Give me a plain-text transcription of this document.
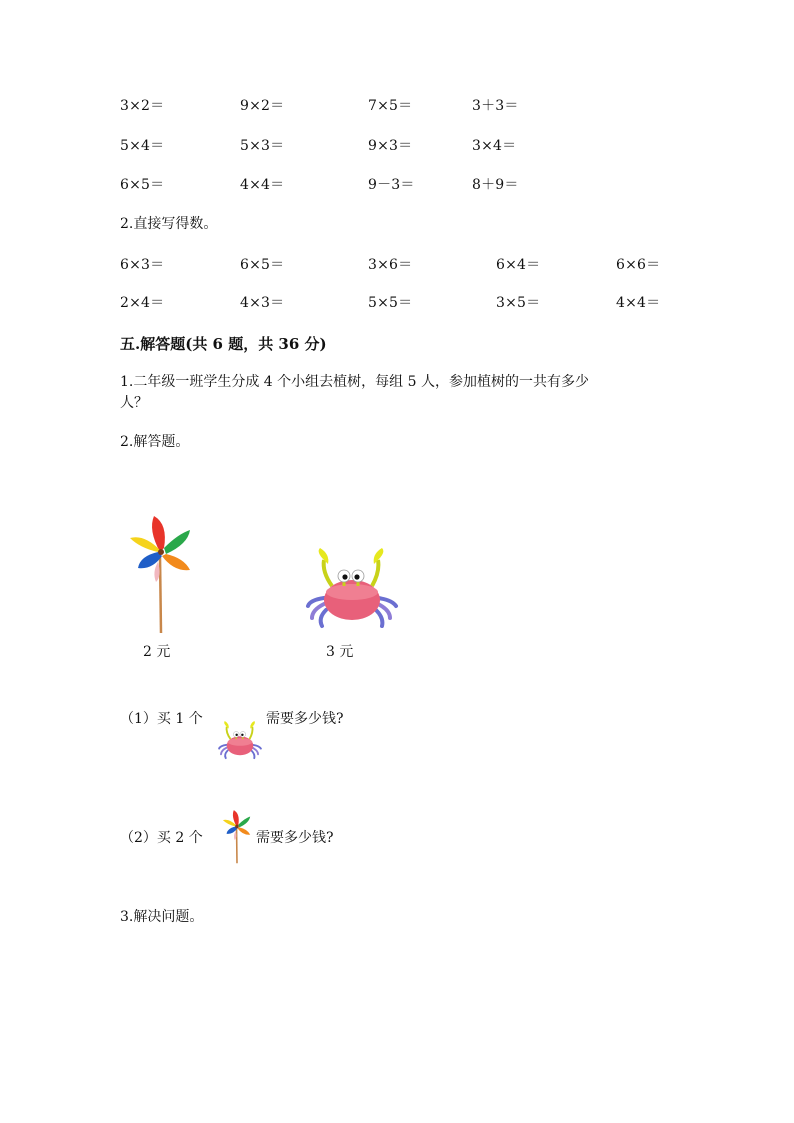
3×2＝	9×2＝	7×5＝	3＋3＝
5×4＝	5×3＝	9×3＝	3×4＝
6×5＝	4×4＝	9－3＝	8＋9＝
2.直接写得数。
6×3＝	6×5＝	3×6＝	6×4＝	6×6＝
2×4＝	4×3＝	5×5＝	3×5＝	4×4＝
五.解答题(共 6 题，共 36 分)
1.二年级一班学生分成 4 个小组去植树，每组 5 人，参加植树的一共有多少
人？
2.解答题。
2 元	3 元
（1）买 1 个	需要多少钱?
（2）买 2 个	需要多少钱?
3.解决问题。
